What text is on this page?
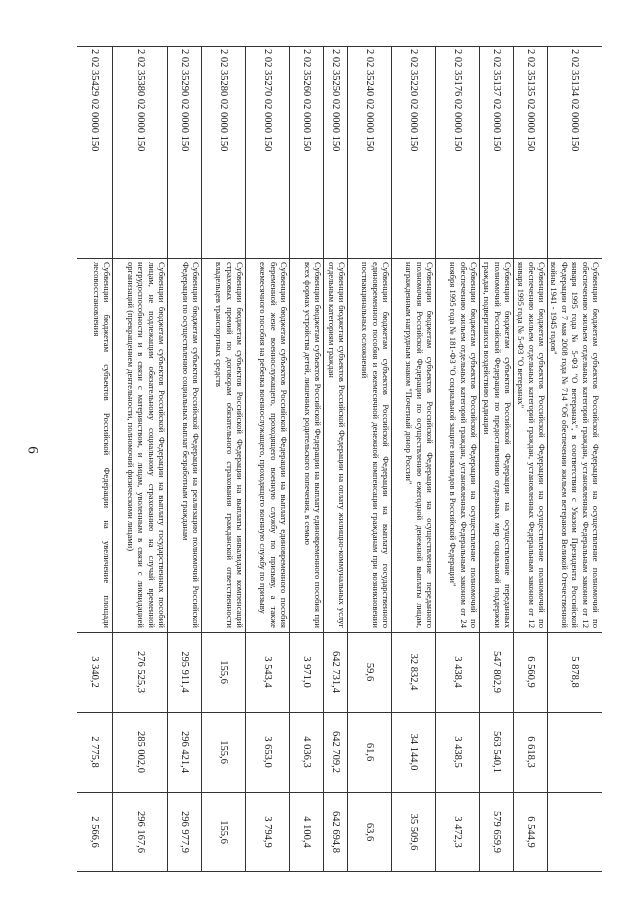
6
2 02 35134 02 0000 150
Субвенции бюджетам субъектов Российской Федерации на осуществление полномочий по обеспечению жильем отдельных категорий граждан, установленных Федеральным законом от 12 января 1995 года № 5-ФЗ "О ветеранах", в соответствии с Указом Президента Российской Федерации от 7 мая 2008 года № 714 "Об обеспечении жильем ветеранов Великой Отечественной войны 1941 - 1945 годов"
5 878,8
2 02 35135 02 0000 150
Субвенции бюджетам субъектов Российской Федерации на осуществление полномочий по обеспечению жильем отдельных категорий граждан, установленных Федеральным законом от 12 января 1995 года № 5-ФЗ "О ветеранах"
6 560,9
6 618,3
6 544,9
2 02 35137 02 0000 150
Субвенции бюджетам субъектов Российской Федерации на осуществление переданных полномочий Российской Федерации по предоставлению отдельных мер социальной поддержки граждан, подвергшихся воздействию радиации
547 802,9
563 540,1
579 659,9
2 02 35176 02 0000 150
Субвенции бюджетам субъектов Российской Федерации на осуществление полномочий по обеспечению жильем отдельных категорий граждан, установленных Федеральным законом от 24 ноября 1995 года № 181-ФЗ "О социальной защите инвалидов в Российской Федерации"
3 438,4
3 438,5
3 472,3
2 02 35220 02 0000 150
Субвенции бюджетам субъектов Российской Федерации на осуществление переданного полномочия Российской Федерации по осуществлению ежегодной денежной выплаты лицам, награжденным нагрудным знаком "Почетный донор России"
32 832,4
34 144,0
35 509,6
2 02 35240 02 0000 150
Субвенции бюджетам субъектов Российской Федерации на выплату государственного единовременного пособия и ежемесячной денежной компенсации гражданам при возникновении поствакцинальных осложнений
59,6
61,6
63,6
2 02 35250 02 0000 150
Субвенции бюджетам субъектов Российской Федерации на оплату жилищно-коммунальных услуг отдельным категориям граждан
642 731,4
642 709,2
642 694,8
2 02 35260 02 0000 150
Субвенции бюджетам субъектов Российской Федерации на выплату единовременного пособия при всех формах устройства детей, лишенных родительского попечения, в семью
3 971,0
4 036,3
4 100,4
2 02 35270 02 0000 150
Субвенции бюджетам субъектов Российской Федерации на выплату единовременного пособия беременной жене военнослужащего, проходящего военную службу по призыву, а также ежемесячного пособия на ребенка военнослужащего, проходящего военную службу по призыву
3 543,4
3 653,0
3 794,9
2 02 35280 02 0000 150
Субвенции бюджетам субъектов Российской Федерации на выплаты инвалидам компенсаций страховых премий по договорам обязательного страхования гражданской ответственности владельцев транспортных средств
155,6
155,6
155,6
2 02 35290 02 0000 150
Субвенции бюджетам субъектов Российской Федерации на реализацию полномочий Российской Федерации по осуществлению социальных выплат безработным гражданам
295 911,4
296 421,4
296 977,9
2 02 35380 02 0000 150
Субвенции бюджетам субъектов Российской Федерации на выплату государственных пособий лицам, не подлежащим обязательному социальному страхованию на случай временной нетрудоспособности и в связи с материнством, и лицам, уволенным в связи с ликвидацией организаций (прекращением деятельности, полномочий физическими лицами)
276 525,3
285 002,0
296 167,6
2 02 35429 02 0000 150
Субвенции бюджетам субъектов Российской Федерации на увеличение площади лесовосстановления
3 340,2
2 775,8
2 566,6
